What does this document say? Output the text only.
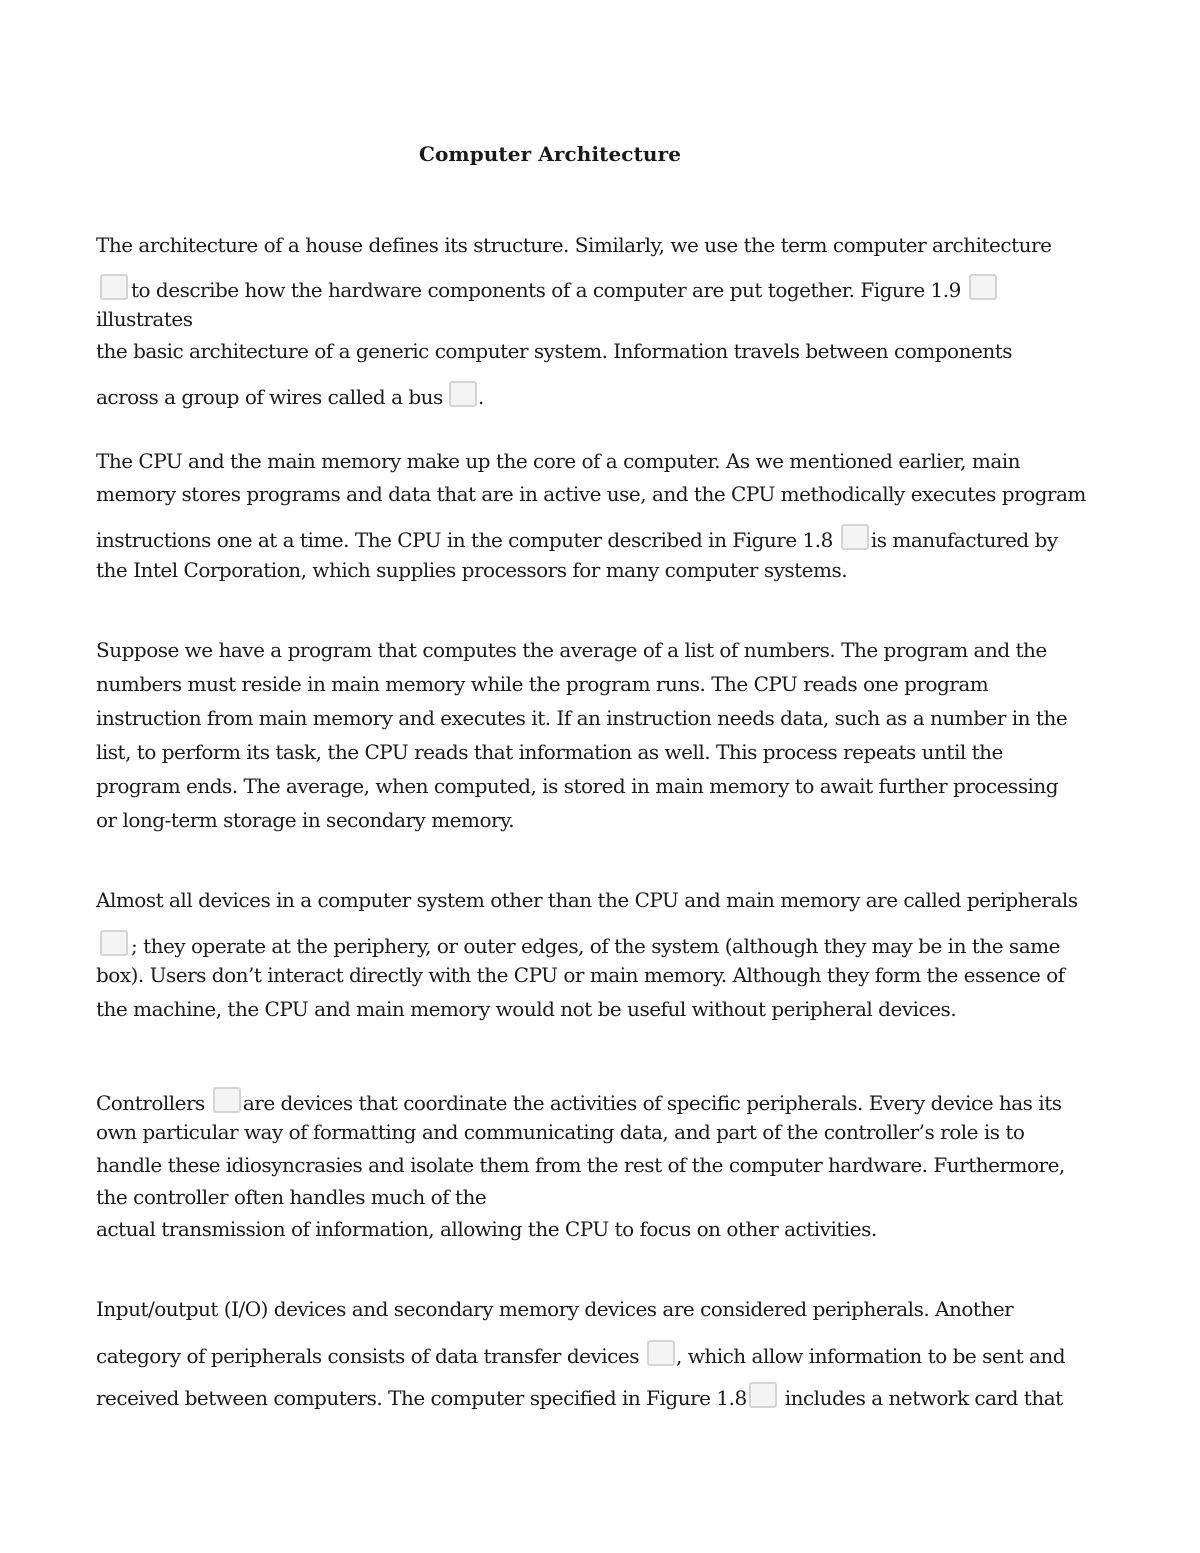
Computer Architecture
The architecture of a house defines its structure. Similarly, we use the term computer architecture
to describe how the hardware components of a computer are put together. Figure 1.9
illustrates
the basic architecture of a generic computer system. Information travels between components
across a group of wires called a bus .
The CPU and the main memory make up the core of a computer. As we mentioned earlier, main
memory stores programs and data that are in active use, and the CPU methodically executes program
instructions one at a time. The CPU in the computer described in Figure 1.8 is manufactured by
the Intel Corporation, which supplies processors for many computer systems.
Suppose we have a program that computes the average of a list of numbers. The program and the
numbers must reside in main memory while the program runs. The CPU reads one program
instruction from main memory and executes it. If an instruction needs data, such as a number in the
list, to perform its task, the CPU reads that information as well. This process repeats until the
program ends. The average, when computed, is stored in main memory to await further processing
or long-term storage in secondary memory.
Almost all devices in a computer system other than the CPU and main memory are called peripherals
; they operate at the periphery, or outer edges, of the system (although they may be in the same
box). Users don’t interact directly with the CPU or main memory. Although they form the essence of
the machine, the CPU and main memory would not be useful without peripheral devices.
Controllers are devices that coordinate the activities of specific peripherals. Every device has its
own particular way of formatting and communicating data, and part of the controller’s role is to
handle these idiosyncrasies and isolate them from the rest of the computer hardware. Furthermore,
the controller often handles much of the
actual transmission of information, allowing the CPU to focus on other activities.
Input/output (I/O) devices and secondary memory devices are considered peripherals. Another
category of peripherals consists of data transfer devices , which allow information to be sent and
received between computers. The computer specified in Figure 1.8 includes a network card that
